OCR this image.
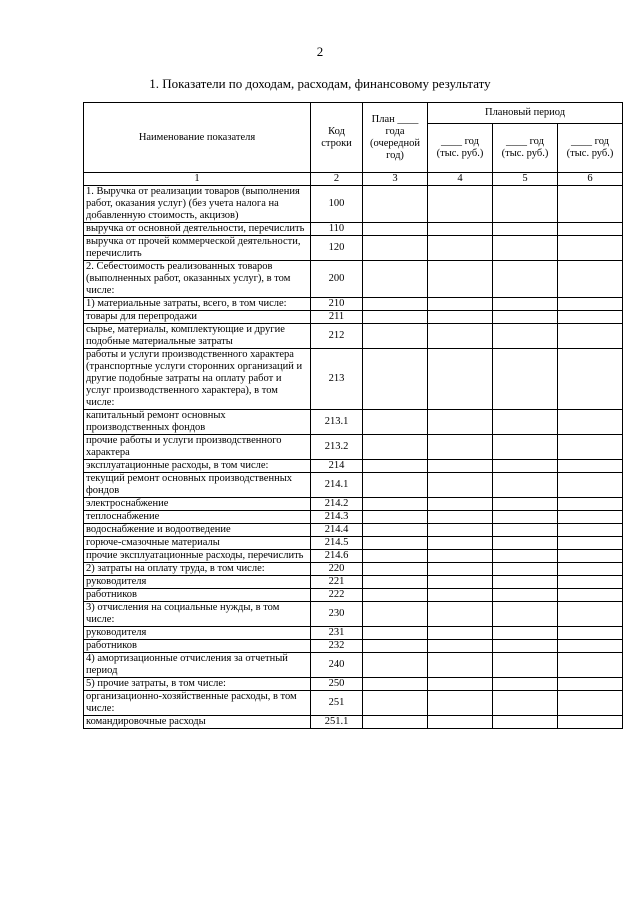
2
1. Показатели по доходам, расходам, финансовому результату
Наименование показателя	Код строки	План ____ года (очередной год)	Плановый период		
			____ год (тыс. руб.)	____ год (тыс. руб.)	____ год (тыс. руб.)
1	2	3	4	5	6
1. Выручка от реализации товаров (выполнения работ, оказания услуг) (без учета налога на добавленную стоимость, акцизов)	100				
выручка от основной деятельности, перечислить	110				
выручка от прочей коммерческой деятельности, перечислить	120				
2. Себестоимость реализованных товаров (выполненных работ, оказанных услуг), в том числе:	200				
1) материальные затраты, всего, в том числе:	210				
товары для перепродажи	211				
сырье, материалы, комплектующие и другие подобные материальные затраты	212				
работы и услуги производственного характера (транспортные услуги сторонних организаций и другие подобные затраты на оплату работ и услуг производственного характера), в том числе:	213				
капитальный ремонт основных производственных фондов	213.1				
прочие работы и услуги производственного характера	213.2				
эксплуатационные расходы, в том числе:	214				
текущий ремонт основных производственных фондов	214.1				
электроснабжение	214.2				
теплоснабжение	214.3				
водоснабжение и водоотведение	214.4				
горюче-смазочные материалы	214.5				
прочие эксплуатационные расходы, перечислить	214.6				
2) затраты на оплату труда, в том числе:	220				
руководителя	221				
работников	222				
3) отчисления на социальные нужды, в том числе:	230				
руководителя	231				
работников	232				
4) амортизационные отчисления за отчетный период	240				
5) прочие затраты, в том числе:	250				
организационно-хозяйственные расходы, в том числе:	251				
командировочные расходы	251.1				
